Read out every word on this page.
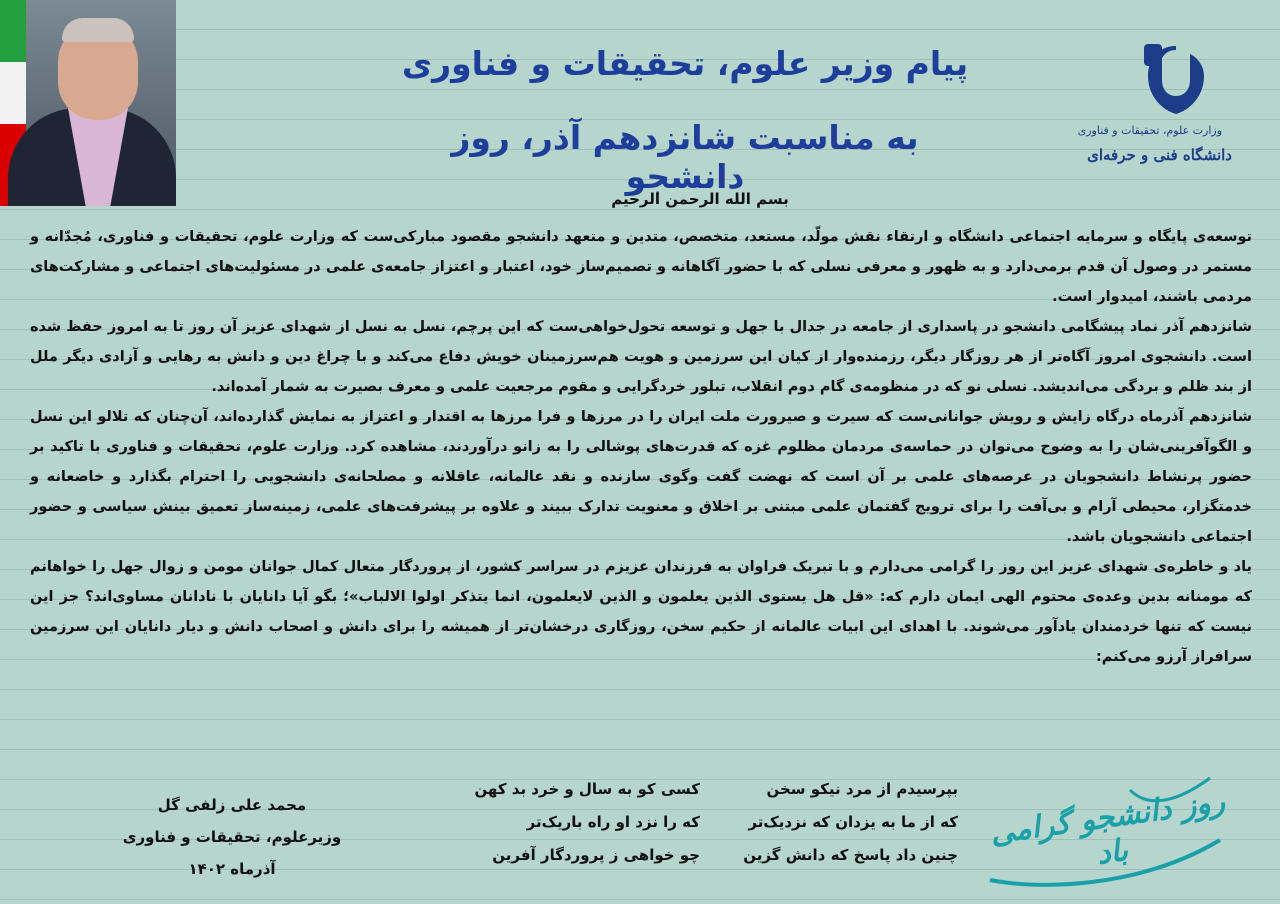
وزارت علوم، تحقیقات و فناوری
دانشگاه فنی و حرفه‌ای
پیام وزیر علوم، تحقیقات و فناوری
به مناسبت شانزدهم آذر، روز دانشجو
بسم الله الرحمن الرحیم

توسعه‌ی پایگاه و سرمایه اجتماعی دانشگاه و ارتقاء نقش مولّد، مستعد، متخصص، متدین و متعهد دانشجو مقصود مبارکی‌ست که وزارت علوم، تحقیقات و فناوری، مُجدّانه و مستمر در وصول آن قدم برمی‌دارد و به ظهور و معرفی نسلی که با حضور آگاهانه و تصمیم‌ساز خود، اعتبار و اعتزاز جامعه‌ی علمی در مسئولیت‌های اجتماعی و مشارکت‌های مردمی باشند، امیدوار است.

شانزدهم آذر نماد پیشگامی دانشجو در پاسداری از جامعه در جدال با جهل و توسعه تحول‌خواهی‌ست که این پرچم، نسل به نسل از شهدای عزیز آن روز تا به امروز حفظ شده است. دانشجوی امروز آگاه‌تر از هر روزگار دیگر، رزمنده‌وار از کیان این سرزمین و هویت هم‌سرزمینان خویش دفاع می‌کند و با چراغ دین و دانش به رهایی و آزادی دیگر ملل از بند ظلم و بردگی می‌اندیشد. نسلی نو که در منظومه‌ی گام دوم انقلاب، تبلور خردگرایی و مقوم مرجعیت علمی و معرف بصیرت به شمار آمده‌اند.

شانزدهم آذرماه درگاه زایش و رویش جوانانی‌ست که سیرت و صیرورت ملت ایران را در مرزها و فرا مرزها به اقتدار و اعتزاز به نمایش گذارده‌اند، آن‌چنان که تلالو این نسل و الگوآفرینی‌شان را به وضوح می‌توان در حماسه‌ی مردمان مظلوم غزه که قدرت‌های پوشالی را به زانو درآوردند، مشاهده کرد. وزارت علوم، تحقیقات و فناوری با تاکید بر حضور پرنشاط دانشجویان در عرصه‌های علمی بر آن است که نهضت گفت وگوی سازنده و نقد عالمانه، عاقلانه و مصلحانه‌ی دانشجویی را احترام بگذارد و خاضعانه و خدمتگزار، محیطی آرام و بی‌آفت را برای ترویج گفتمان علمی مبتنی بر اخلاق و معنویت تدارک ببیند و علاوه بر پیشرفت‌های علمی، زمینه‌ساز تعمیق بینش سیاسی و حضور اجتماعی دانشجویان باشد.

یاد و خاطره‌ی شهدای عزیز این روز را گرامی می‌دارم و با تبریک فراوان به فرزندان عزیزم در سراسر کشور، از پروردگار متعال کمال جوانان مومن و زوال جهل را خواهانم که مومنانه بدین وعده‌ی محتوم الهی ایمان دارم که: «قل هل یستوی الذین یعلمون و الذین لایعلمون، انما یتذکر اولوا الالباب»؛ بگو آیا دانایان با نادانان مساوی‌اند؟ جز این نیست که تنها خردمندان یادآور می‌شوند. با اهدای این ابیات عالمانه از حکیم سخن، روزگاری درخشان‌تر از همیشه را برای دانش و اصحاب دانش و دیار دانایان این سرزمین سرافراز آرزو می‌کنم:

بپرسیدم از مرد نیکو سخن
که از ما به یزدان که نزدیک‌تر
چنین داد پاسخ که دانش گزین
کسی کو به سال و خرد بد کهن
که را نزد او راه باریک‌تر
چو خواهی ز پروردگار آفرین
محمد علی زلفی گل
وزیرعلوم، تحقیقات و فناوری
آذرماه ۱۴۰۲
روز دانشجو گرامی باد
